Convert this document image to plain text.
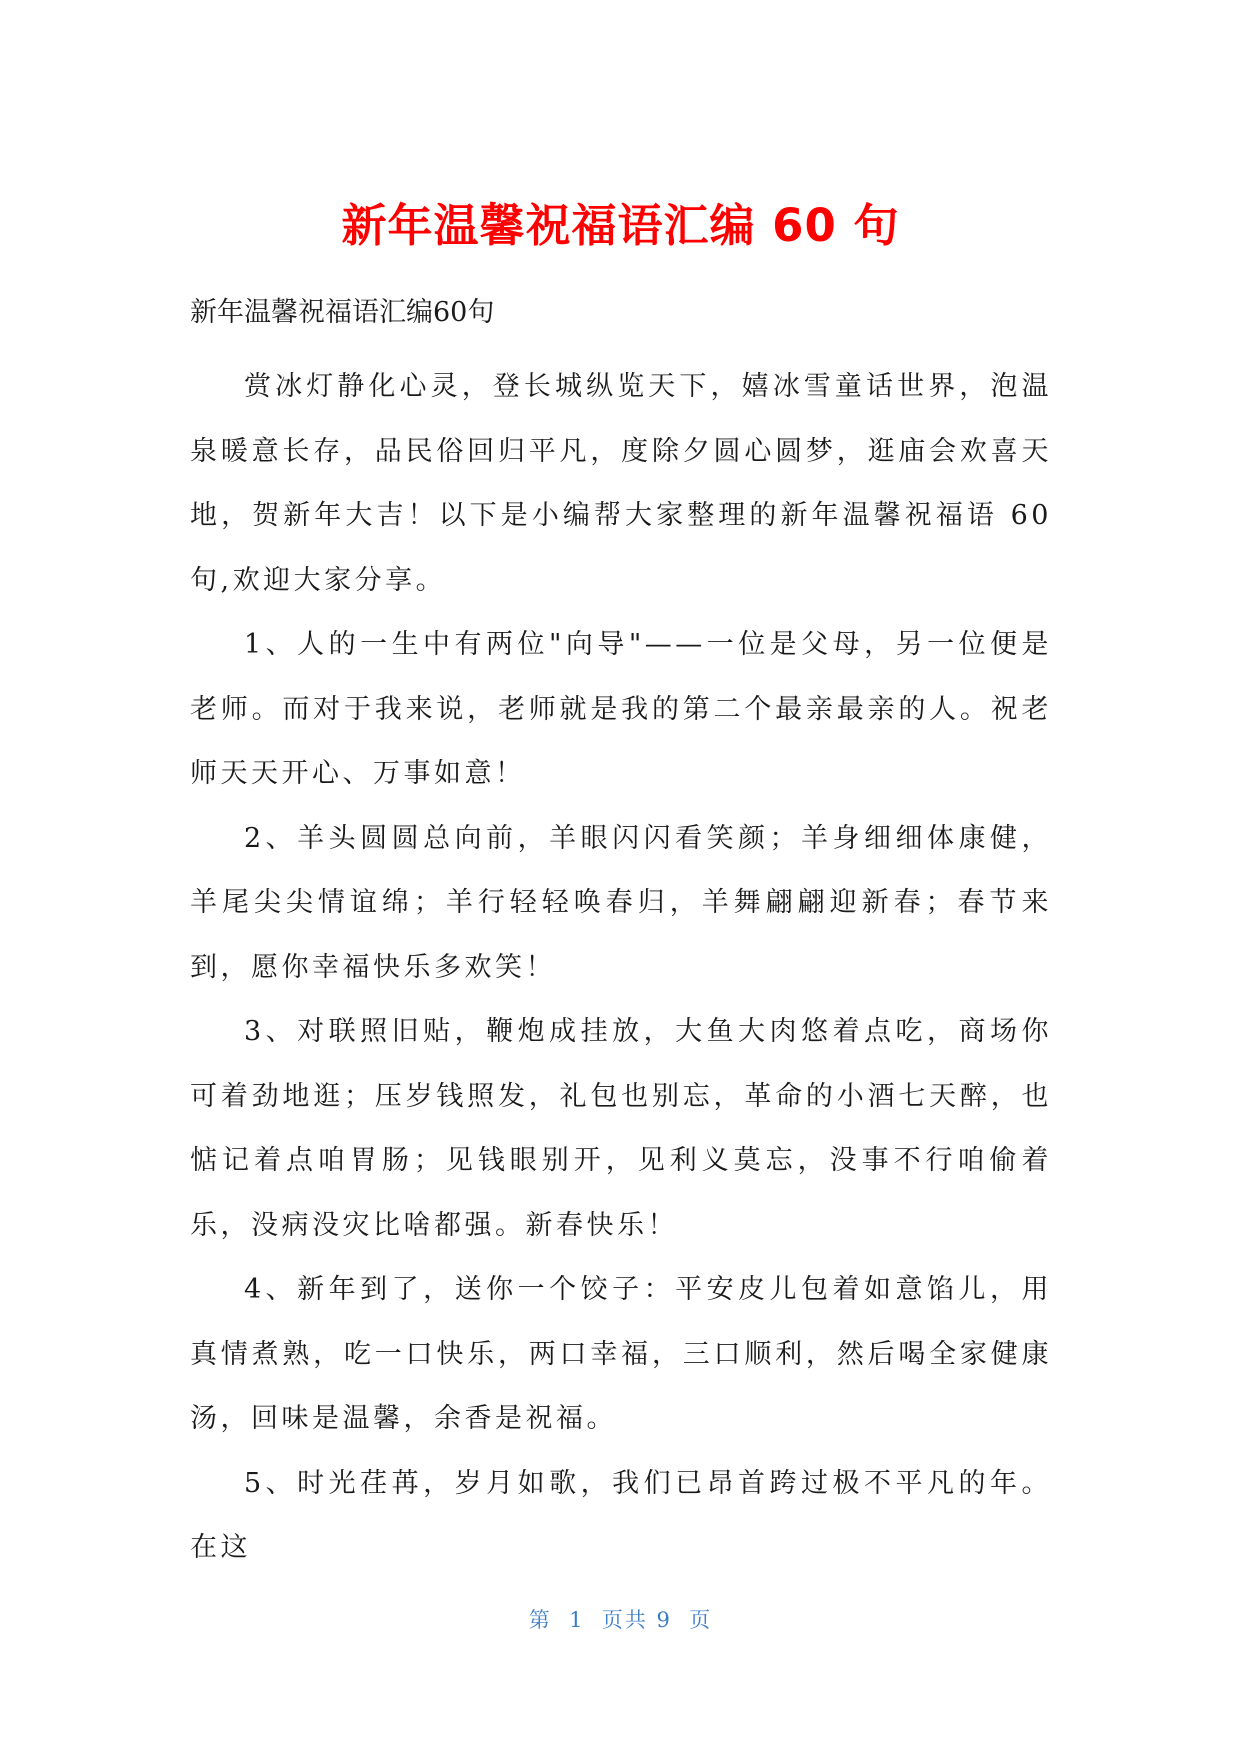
新年温馨祝福语汇编 60 句
新年温馨祝福语汇编60句

赏冰灯静化心灵，登长城纵览天下，嬉冰雪童话世界，泡温泉暖意长存，品民俗回归平凡，度除夕圆心圆梦，逛庙会欢喜天地，贺新年大吉！以下是小编帮大家整理的新年温馨祝福语 60 句,欢迎大家分享。

1、人的一生中有两位"向导"——一位是父母，另一位便是老师。而对于我来说，老师就是我的第二个最亲最亲的人。祝老师天天开心、万事如意！

2、羊头圆圆总向前，羊眼闪闪看笑颜；羊身细细体康健，羊尾尖尖情谊绵；羊行轻轻唤春归，羊舞翩翩迎新春；春节来到，愿你幸福快乐多欢笑！

3、对联照旧贴，鞭炮成挂放，大鱼大肉悠着点吃，商场你可着劲地逛；压岁钱照发，礼包也别忘，革命的小酒七天醉，也惦记着点咱胃肠；见钱眼别开，见利义莫忘，没事不行咱偷着乐，没病没灾比啥都强。新春快乐！

4、新年到了，送你一个饺子：平安皮儿包着如意馅儿，用真情煮熟，吃一口快乐，两口幸福，三口顺利，然后喝全家健康汤，回味是温馨，余香是祝福。

5、时光荏苒，岁月如歌，我们已昂首跨过极不平凡的年。在这

第  1  页共 9  页
